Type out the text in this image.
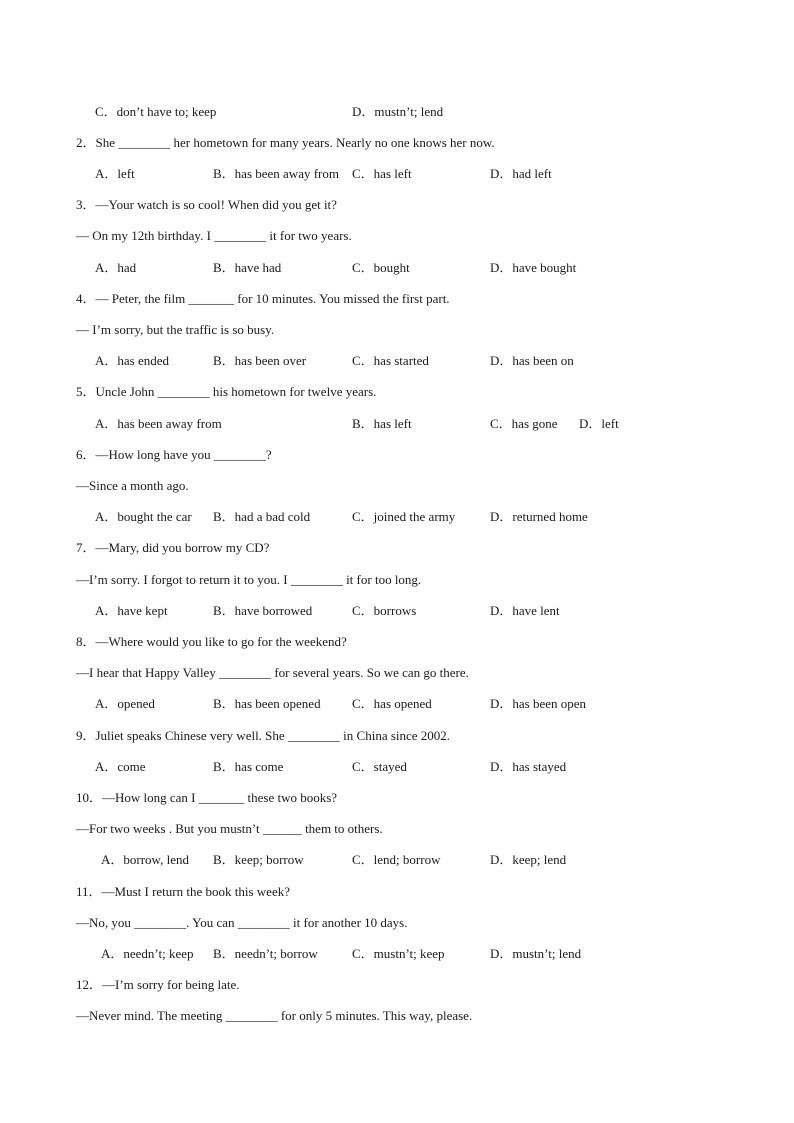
C．don’t have to; keep	D．mustn’t; lend
2．She ________ her hometown for many years. Nearly no one knows her now.
A．left	B．has been away from C．has left	D．had left
3．—Your watch is so cool! When did you get it?
— On my 12th birthday. I ________ it for two years.
A．had	B．have had	C．bought	D．have bought
4．— Peter, the film _______ for 10 minutes. You missed the first part.
— I’m sorry, but the traffic is so busy.
A．has ended	B．has been over	C．has started	D．has been on
5．Uncle John ________ his hometown for twelve years.
A．has been away from	B．has left	C．has gone D．left
6．—How long have you ________?
—Since a month ago.
A．bought the car B．had a bad cold	C．joined the army	D．returned home
7．—Mary, did you borrow my CD?
—I’m sorry. I forgot to return it to you. I ________ it for too long.
A．have kept	B．have borrowed	C．borrows	D．have lent
8．—Where would you like to go for the weekend?
—I hear that Happy Valley ________ for several years. So we can go there.
A．opened	B．has been opened C．has opened	D．has been open
9．Juliet speaks Chinese very well. She ________ in China since 2002.
A．come	B．has come	C．stayed	D．has stayed
10．—How long can I _______ these two books?
—For two weeks . But you mustn’t ______ them to others.
A．borrow, lend B．keep; borrow	C．lend; borrow	D．keep; lend
11．—Must I return the book this week?
—No, you ________. You can ________ it for another 10 days.
A．needn’t; keep B．needn’t; borrow	C．mustn’t; keep	D．mustn’t; lend
12．—I’m sorry for being late.
—Never mind. The meeting ________ for only 5 minutes. This way, please.
